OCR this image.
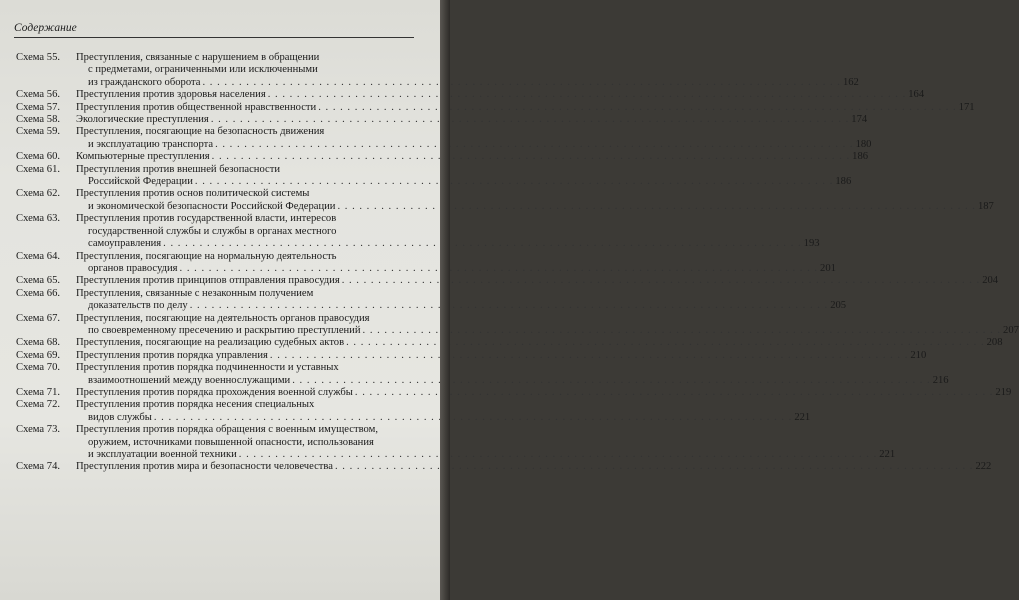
Содержание
Схема 55.	Преступления, связанные с нарушением в обращении
с предметами, ограниченными или исключенными
из гражданского оборота . . .	162
Схема 56.	Преступления против здоровья населения . . .	164
Схема 57.	Преступления против общественной нравственности . . .	171
Схема 58.	Экологические преступления . . .	174
Схема 59.	Преступления, посягающие на безопасность движения
и эксплуатацию транспорта . . .	180
Схема 60.	Компьютерные преступления . . .	186
Схема 61.	Преступления против внешней безопасности
Российской Федерации . . .	186
Схема 62.	Преступления против основ политической системы
и экономической безопасности Российской Федерации . . .	187
Схема 63.	Преступления против государственной власти, интересов
государственной службы и службы в органах местного
самоуправления . . .	193
Схема 64.	Преступления, посягающие на нормальную деятельность
органов правосудия . . .	201
Схема 65.	Преступления против принципов отправления правосудия . . .	204
Схема 66.	Преступления, связанные с незаконным получением
доказательств по делу . . .	205
Схема 67.	Преступления, посягающие на деятельность органов правосудия
по своевременному пресечению и раскрытию преступлений . . .	207
Схема 68.	Преступления, посягающие на реализацию судебных актов . . .	208
Схема 69.	Преступления против порядка управления . . .	210
Схема 70.	Преступления против порядка подчиненности и уставных
взаимоотношений между военнослужащими . . .	216
Схема 71.	Преступления против порядка прохождения военной службы . . .	219
Схема 72.	Преступления против порядка несения специальных
видов службы . . .	221
Схема 73.	Преступления против порядка обращения с военным имуществом,
оружием, источниками повышенной опасности, использования
и эксплуатации военной техники . . .	221
Схема 74.	Преступления против мира и безопасности человечества . . .	222
